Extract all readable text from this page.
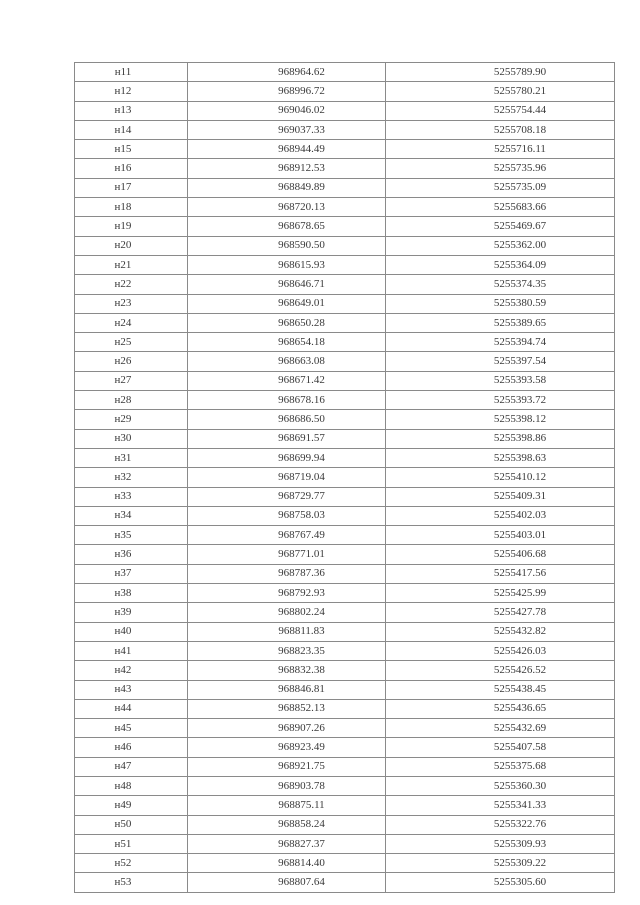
н11	968964.62	5255789.90
н12	968996.72	5255780.21
н13	969046.02	5255754.44
н14	969037.33	5255708.18
н15	968944.49	5255716.11
н16	968912.53	5255735.96
н17	968849.89	5255735.09
н18	968720.13	5255683.66
н19	968678.65	5255469.67
н20	968590.50	5255362.00
н21	968615.93	5255364.09
н22	968646.71	5255374.35
н23	968649.01	5255380.59
н24	968650.28	5255389.65
н25	968654.18	5255394.74
н26	968663.08	5255397.54
н27	968671.42	5255393.58
н28	968678.16	5255393.72
н29	968686.50	5255398.12
н30	968691.57	5255398.86
н31	968699.94	5255398.63
н32	968719.04	5255410.12
н33	968729.77	5255409.31
н34	968758.03	5255402.03
н35	968767.49	5255403.01
н36	968771.01	5255406.68
н37	968787.36	5255417.56
н38	968792.93	5255425.99
н39	968802.24	5255427.78
н40	968811.83	5255432.82
н41	968823.35	5255426.03
н42	968832.38	5255426.52
н43	968846.81	5255438.45
н44	968852.13	5255436.65
н45	968907.26	5255432.69
н46	968923.49	5255407.58
н47	968921.75	5255375.68
н48	968903.78	5255360.30
н49	968875.11	5255341.33
н50	968858.24	5255322.76
н51	968827.37	5255309.93
н52	968814.40	5255309.22
н53	968807.64	5255305.60
